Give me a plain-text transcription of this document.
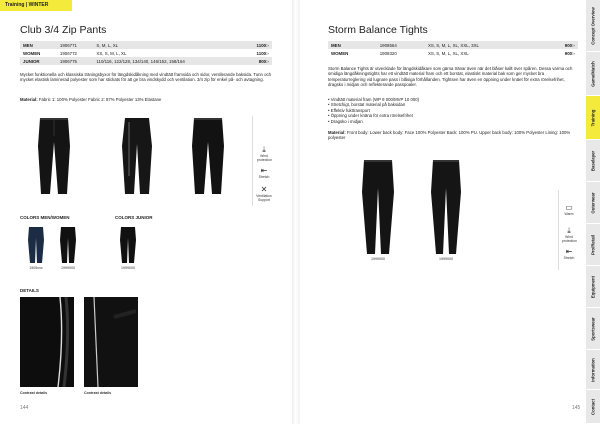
Training | WINTER
Club 3/4 Zip Pants
MEN	1906771	S, M, L, XL	1100:-
WOMEN	1906772	XS, S, M, L, XL	1100:-
JUNIOR	1906775	110/116, 122/128, 134/140, 146/152, 158/164	800:-
Mycket funktionella och klassiska träningsbyxor för längdskidåkning med vindtätt framsida och sidor, ventilerande baksida. Tunn och mycket elastisk laminerad polyester som har stickats för att ge bra vindskydd och ventilation. 3/4 zip för enkel på- och avtagning.
Material: Fabric 1: 100% Polyester Fabric 2: 87% Polyester 13% Elastane
⤓
Wind protection
⇤
Stretch
✕
Ventilation Support
COLORS MEN/WOMEN	COLORS JUNIOR
1905xxx	1999000	1999000
DETAILS
Contrast details	Contrast details
144
Storm Balance Tights
MEN	1908564	XS, S, M, L, XL, XXL, 3XL	900:-
WOMEN	1908320	XS, S, M, L, XL, XXL	900:-
Storm Balance Tights är utvecklade för längdskidåkare som gärna tränar även när det blåser kallt över spåren. Dessa varma och smidiga längdåkningstights har ett vindtätt material fram och ett borstat, elastiskt material bak som ger mycket bra temperaturreglering vid lugnare pass i blåsiga förhållanden. Tightsen har även en öppning under knäet för extra rörelsefrihet, dragsko i midjan och reflekterande passpoaler.
• Vindtätt material fram (WP 8 000/MVP 10 000)
• Stretchigt, borstat material på baksidan
• Effektiv fukttransport
• Öppning under knäna för extra rörelsefrihet
• Dragsko i midjan
Material: Front body: Lower back body: Face 100% Polyester Back: 100% PU. Upper back body: 100% Polyester Lining: 100% polyester
1999000	1999000
▭
Warm
⤓
Wind protection
⇤
Stretch
145
Concept Overview
Game/Match
Training
Baselayer
Outerwear
Pro/Retail
Equipment
Sportswear
Information
Contact
